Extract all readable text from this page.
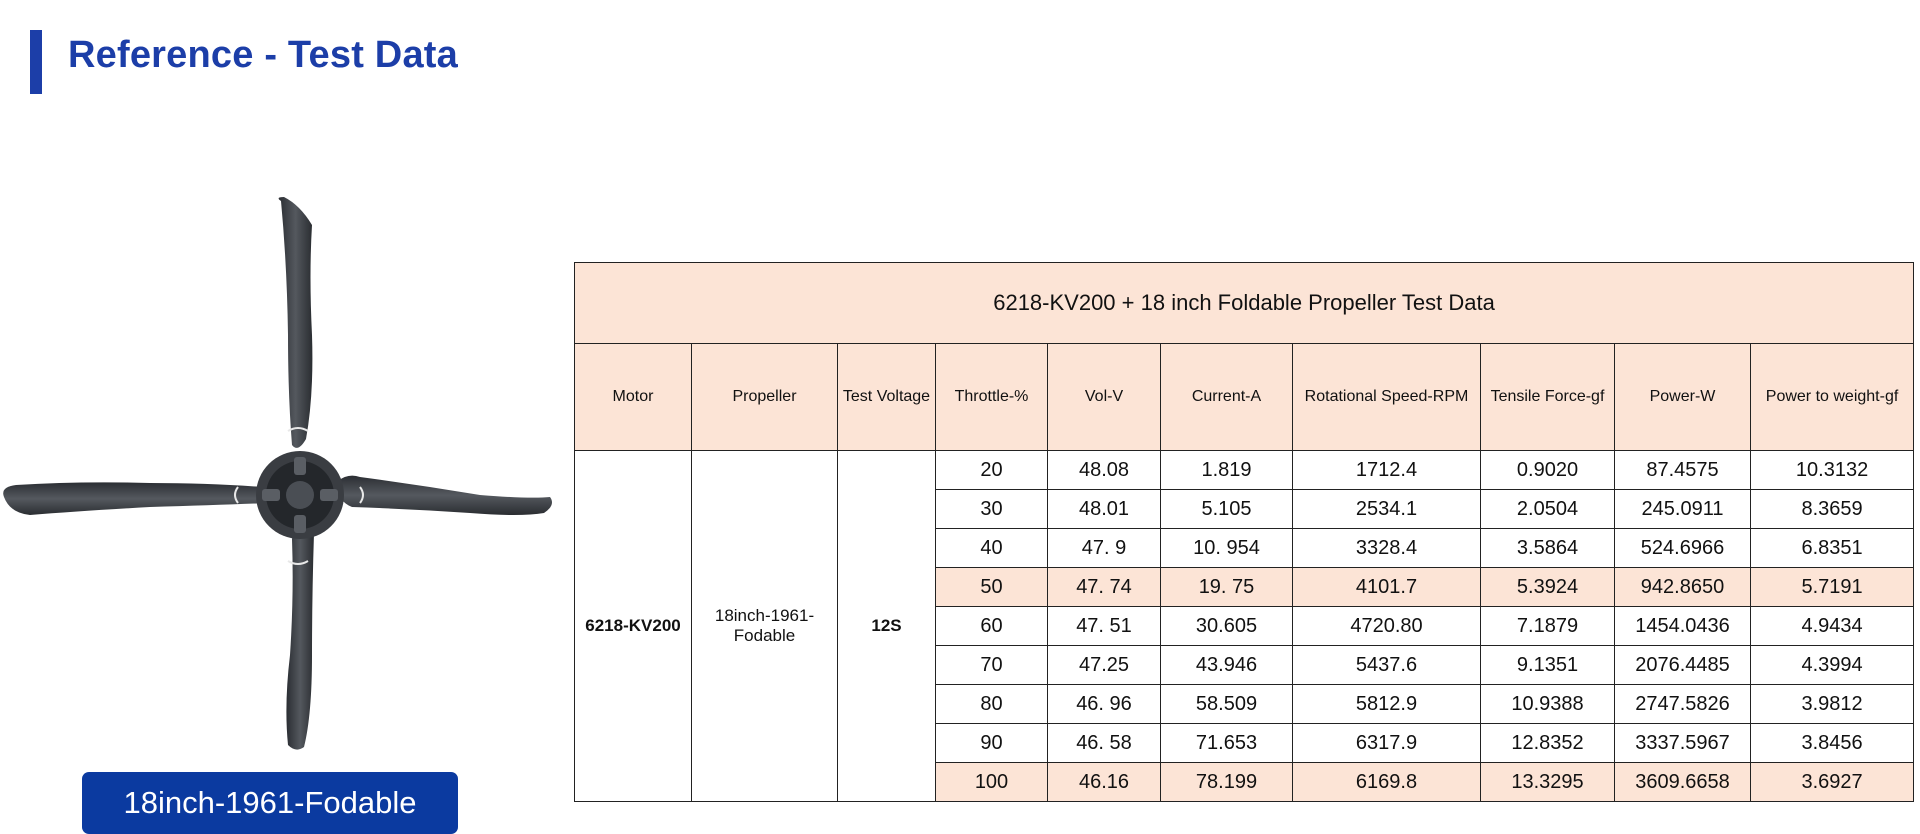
Reference - Test Data
18inch-1961-Fodable
6218-KV200 + 18 inch Foldable Propeller Test Data									
Motor	Propeller	Test Voltage	Throttle-%	Vol-V	Current-A	Rotational Speed-RPM	Tensile Force-gf	Power-W	Power to weight-gf
6218-KV200	18inch-1961-Fodable	12S	20	48.08	1.819	1712.4	0.9020	87.4575	10.3132
			30	48.01	5.105	2534.1	2.0504	245.0911	8.3659
			40	47. 9	10. 954	3328.4	3.5864	524.6966	6.8351
			50	47. 74	19. 75	4101.7	5.3924	942.8650	5.7191
			60	47. 51	30.605	4720.80	7.1879	1454.0436	4.9434
			70	47.25	43.946	5437.6	9.1351	2076.4485	4.3994
			80	46. 96	58.509	5812.9	10.9388	2747.5826	3.9812
			90	46. 58	71.653	6317.9	12.8352	3337.5967	3.8456
			100	46.16	78.199	6169.8	13.3295	3609.6658	3.6927
